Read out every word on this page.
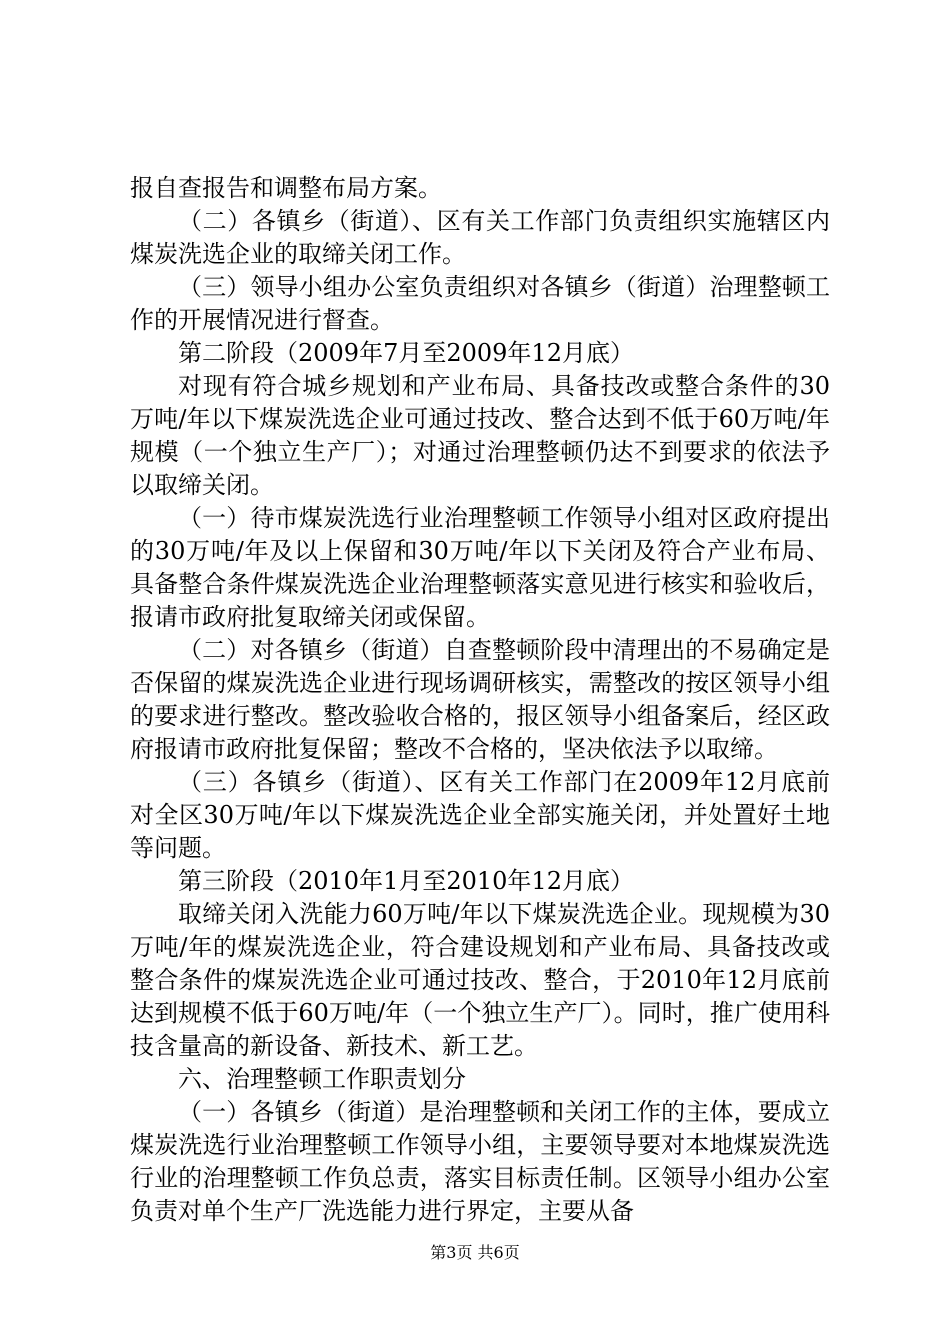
报自查报告和调整布局方案。

（二）各镇乡（街道）、区有关工作部门负责组织实施辖区内煤炭洗选企业的取缔关闭工作。

（三）领导小组办公室负责组织对各镇乡（街道）治理整顿工作的开展情况进行督查。

第二阶段（2009年7月至2009年12月底）

对现有符合城乡规划和产业布局、具备技改或整合条件的30万吨/年以下煤炭洗选企业可通过技改、整合达到不低于60万吨/年规模（一个独立生产厂）；对通过治理整顿仍达不到要求的依法予以取缔关闭。

（一）待市煤炭洗选行业治理整顿工作领导小组对区政府提出的30万吨/年及以上保留和30万吨/年以下关闭及符合产业布局、具备整合条件煤炭洗选企业治理整顿落实意见进行核实和验收后，报请市政府批复取缔关闭或保留。

（二）对各镇乡（街道）自查整顿阶段中清理出的不易确定是否保留的煤炭洗选企业进行现场调研核实，需整改的按区领导小组的要求进行整改。整改验收合格的，报区领导小组备案后，经区政府报请市政府批复保留；整改不合格的，坚决依法予以取缔。

（三）各镇乡（街道）、区有关工作部门在2009年12月底前对全区30万吨/年以下煤炭洗选企业全部实施关闭，并处置好土地等问题。

第三阶段（2010年1月至2010年12月底）

取缔关闭入洗能力60万吨/年以下煤炭洗选企业。现规模为30万吨/年的煤炭洗选企业，符合建设规划和产业布局、具备技改或整合条件的煤炭洗选企业可通过技改、整合，于2010年12月底前达到规模不低于60万吨/年（一个独立生产厂）。同时，推广使用科技含量高的新设备、新技术、新工艺。

六、治理整顿工作职责划分

（一）各镇乡（街道）是治理整顿和关闭工作的主体，要成立煤炭洗选行业治理整顿工作领导小组，主要领导要对本地煤炭洗选行业的治理整顿工作负总责，落实目标责任制。区领导小组办公室负责对单个生产厂洗选能力进行界定，主要从备

第3页 共6页
